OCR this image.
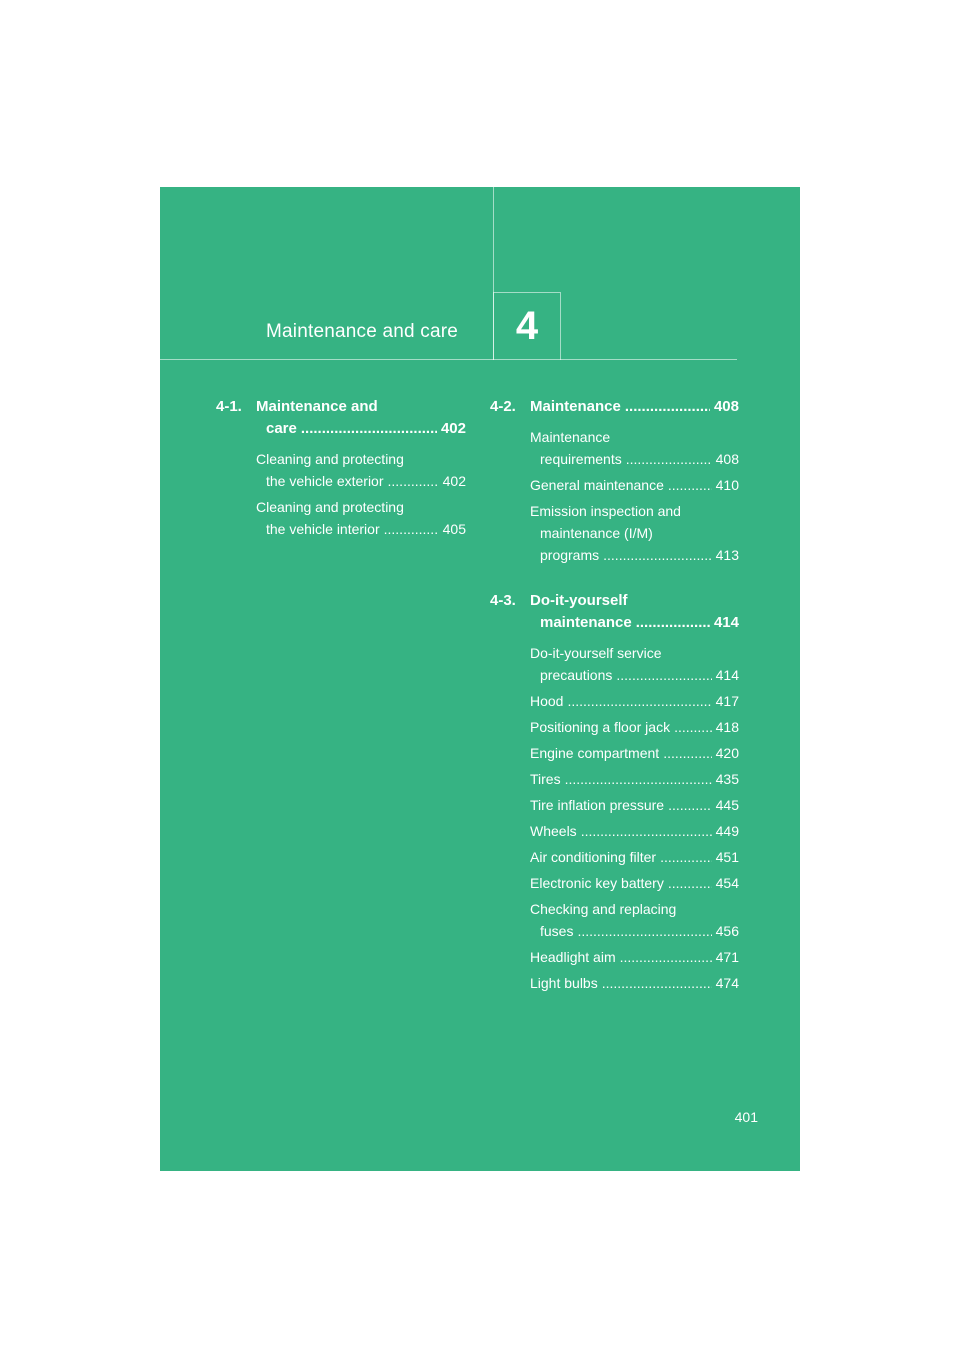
Maintenance and care	4
4-1. Maintenance and
care .....	402
Cleaning and protecting
the vehicle exterior .....	402
Cleaning and protecting
the vehicle interior .....	405
4-2. Maintenance .....	408
Maintenance
requirements .....	408
General maintenance .....	410
Emission inspection and
maintenance (I/M)
programs .....	413
4-3. Do-it-yourself
maintenance .....	414
Do-it-yourself service
precautions .....	414
Hood .....	417
Positioning a floor jack .....	418
Engine compartment .....	420
Tires .....	435
Tire inflation pressure .....	445
Wheels .....	449
Air conditioning filter .....	451
Electronic key battery .....	454
Checking and replacing
fuses .....	456
Headlight aim .....	471
Light bulbs .....	474
401
